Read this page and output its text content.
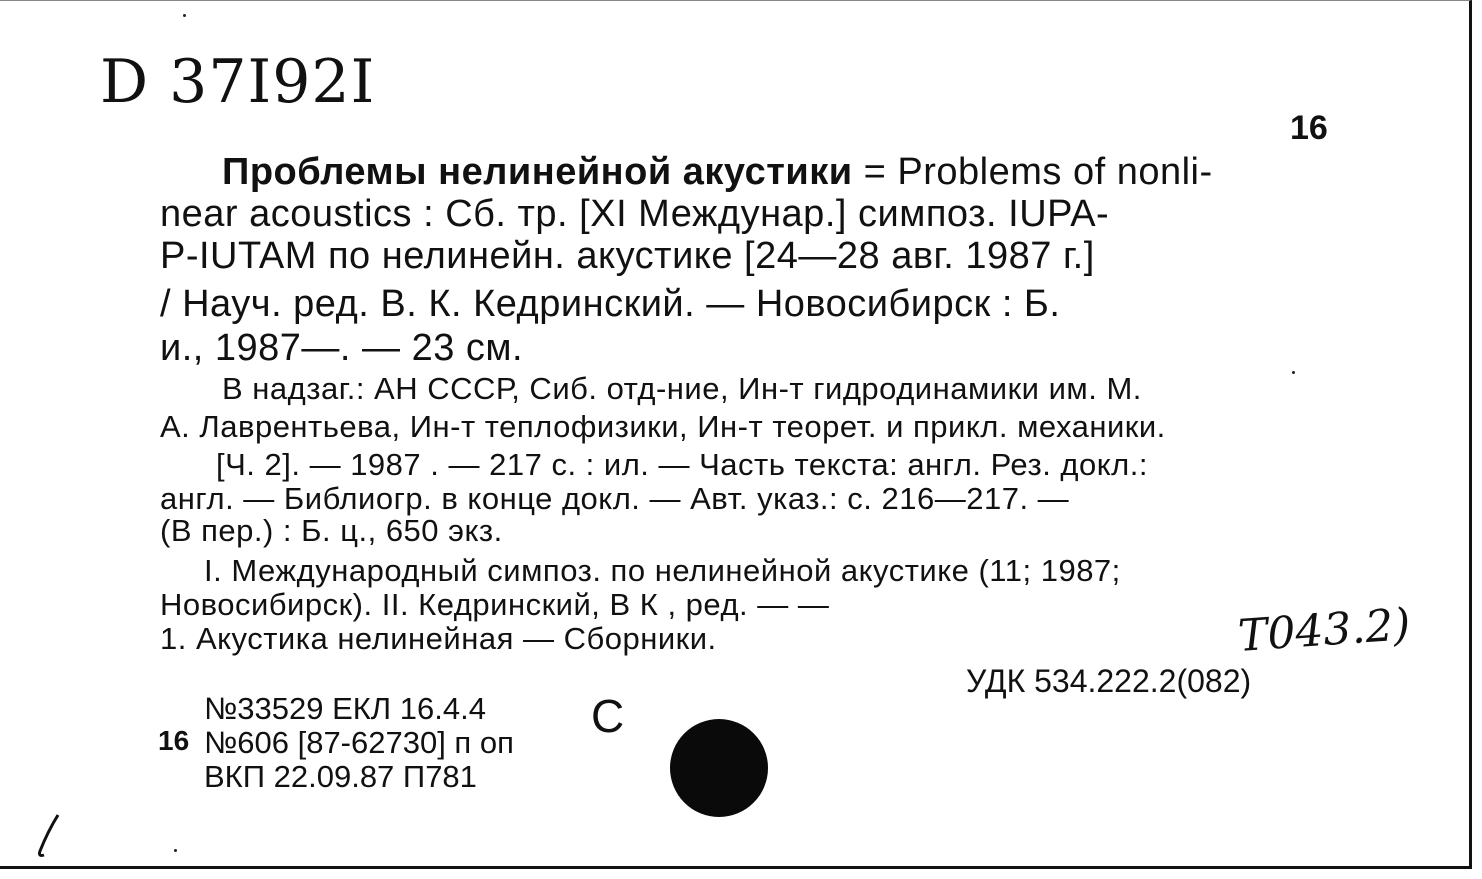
D 37I92I
16
Проблемы нелинейной акустики = Problems of nonli-
near acoustics : Сб. тр. [XI Междунар.] симпоз. IUPA-
P-IUTAM по нелинейн. акустике [24—28 авг. 1987 г.]
/ Науч. ред. В. К. Кедринский. — Новосибирск : Б.
и., 1987—. — 23 см.
В надзаг.: АН СССР, Сиб. отд-ние, Ин-т гидродинамики им. М.
А. Лаврентьева, Ин-т теплофизики, Ин-т теорет. и прикл. механики.
[Ч. 2]. — 1987 . — 217 с. : ил. — Часть текста: англ. Рез. докл.:
англ. — Библиогр. в конце докл. — Авт. указ.: с. 216—217. —
(В пер.) : Б. ц., 650 экз.
I. Международный симпоз. по нелинейной акустике (11; 1987;
Новосибирск). II. Кедринский, В К , ред. — —
1. Акустика нелинейная — Сборники.
УДК 534.222.2(082)
Т043.2)
№33529 ЕКЛ 16.4.4
16 №606 [87-62730] п оп
ВКП 22.09.87 П781
C
